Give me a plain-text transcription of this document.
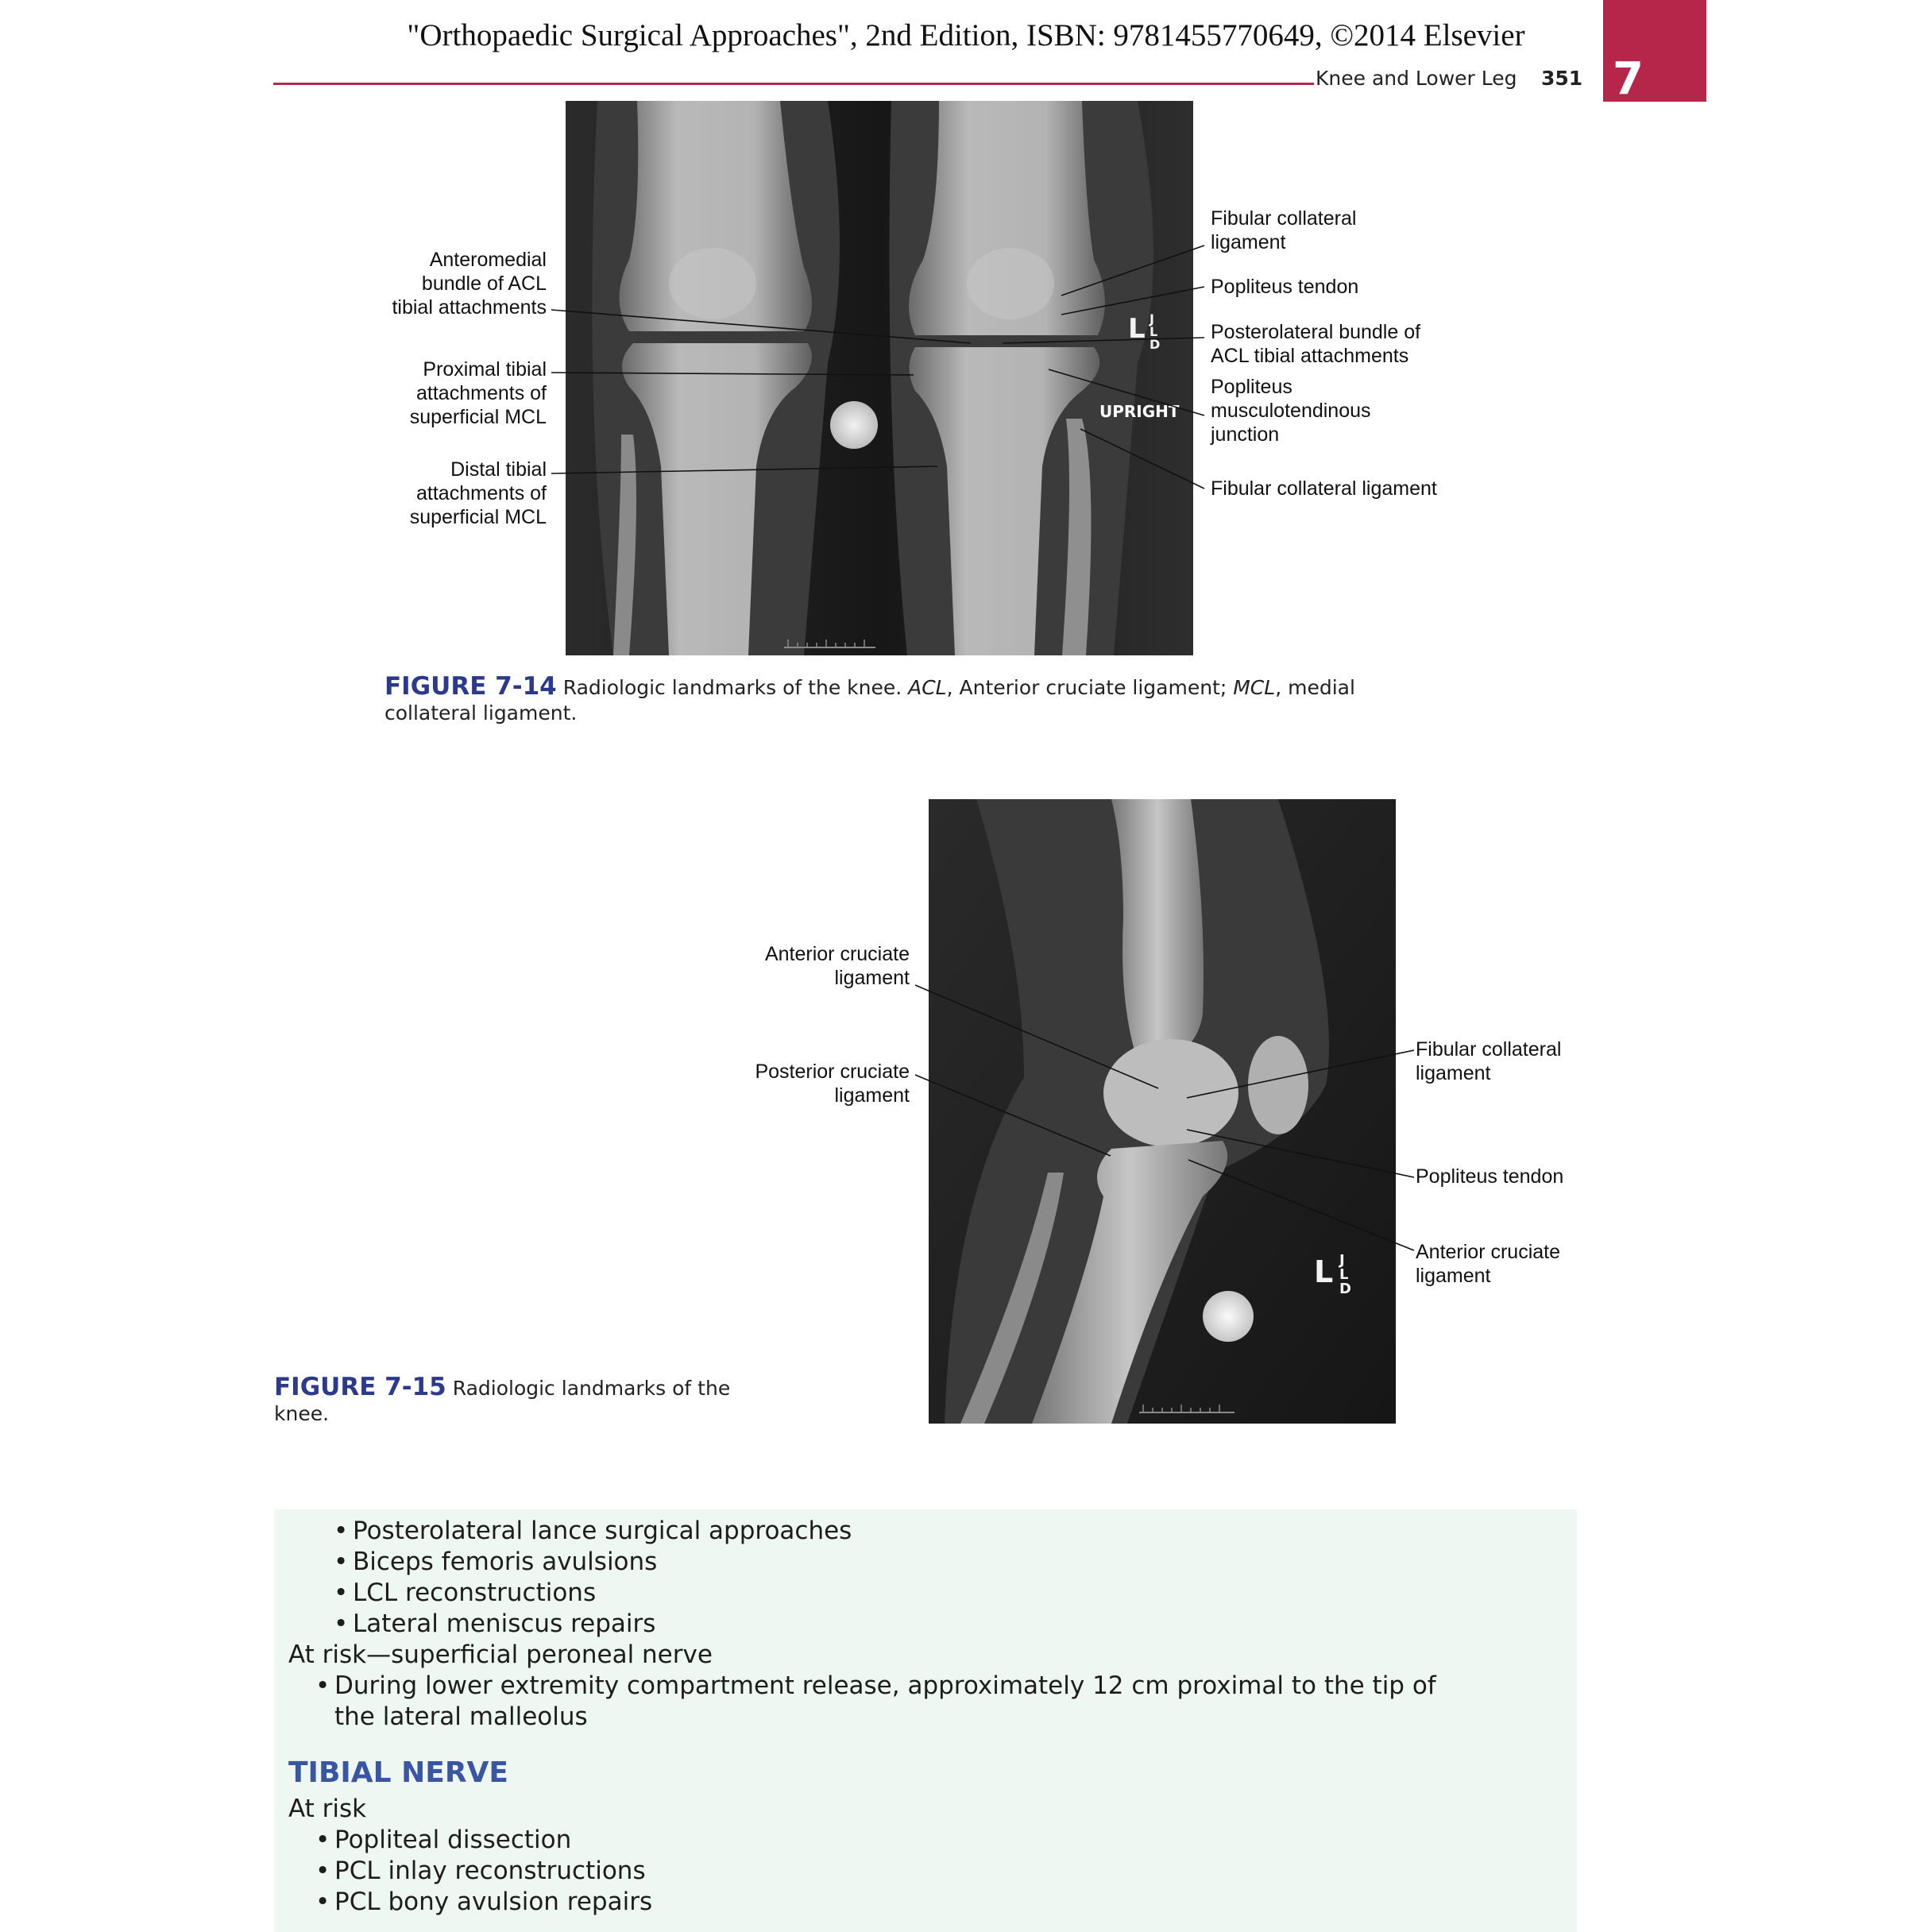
"Orthopaedic Surgical Approaches", 2nd Edition, ISBN: 9781455770649, ©2014 Elsevier
Knee and Lower Leg 351 7
L J
L
D
UPRIGHT
Anteromedial
bundle of ACL
tibial attachments
Proximal tibial
attachments of
superficial MCL
Distal tibial
attachments of
superficial MCL
Fibular collateral
ligament
Popliteus tendon
Posterolateral bundle of
ACL tibial attachments
Popliteus
musculotendinous
junction
Fibular collateral ligament
FIGURE 7-14 Radiologic landmarks of the knee. ACL, Anterior cruciate ligament; MCL, medial collateral ligament.
L J
L
D
Anterior cruciate
ligament
Posterior cruciate
ligament
Fibular collateral
ligament
Popliteus tendon
Anterior cruciate
ligament
FIGURE 7-15 Radiologic landmarks of the knee.
• Posterolateral lance surgical approaches
• Biceps femoris avulsions
• LCL reconstructions
• Lateral meniscus repairs
At risk—superficial peroneal nerve
• During lower extremity compartment release, approximately 12 cm proximal to the tip of
the lateral malleolus
TIBIAL NERVE
At risk
• Popliteal dissection
• PCL inlay reconstructions
• PCL bony avulsion repairs
